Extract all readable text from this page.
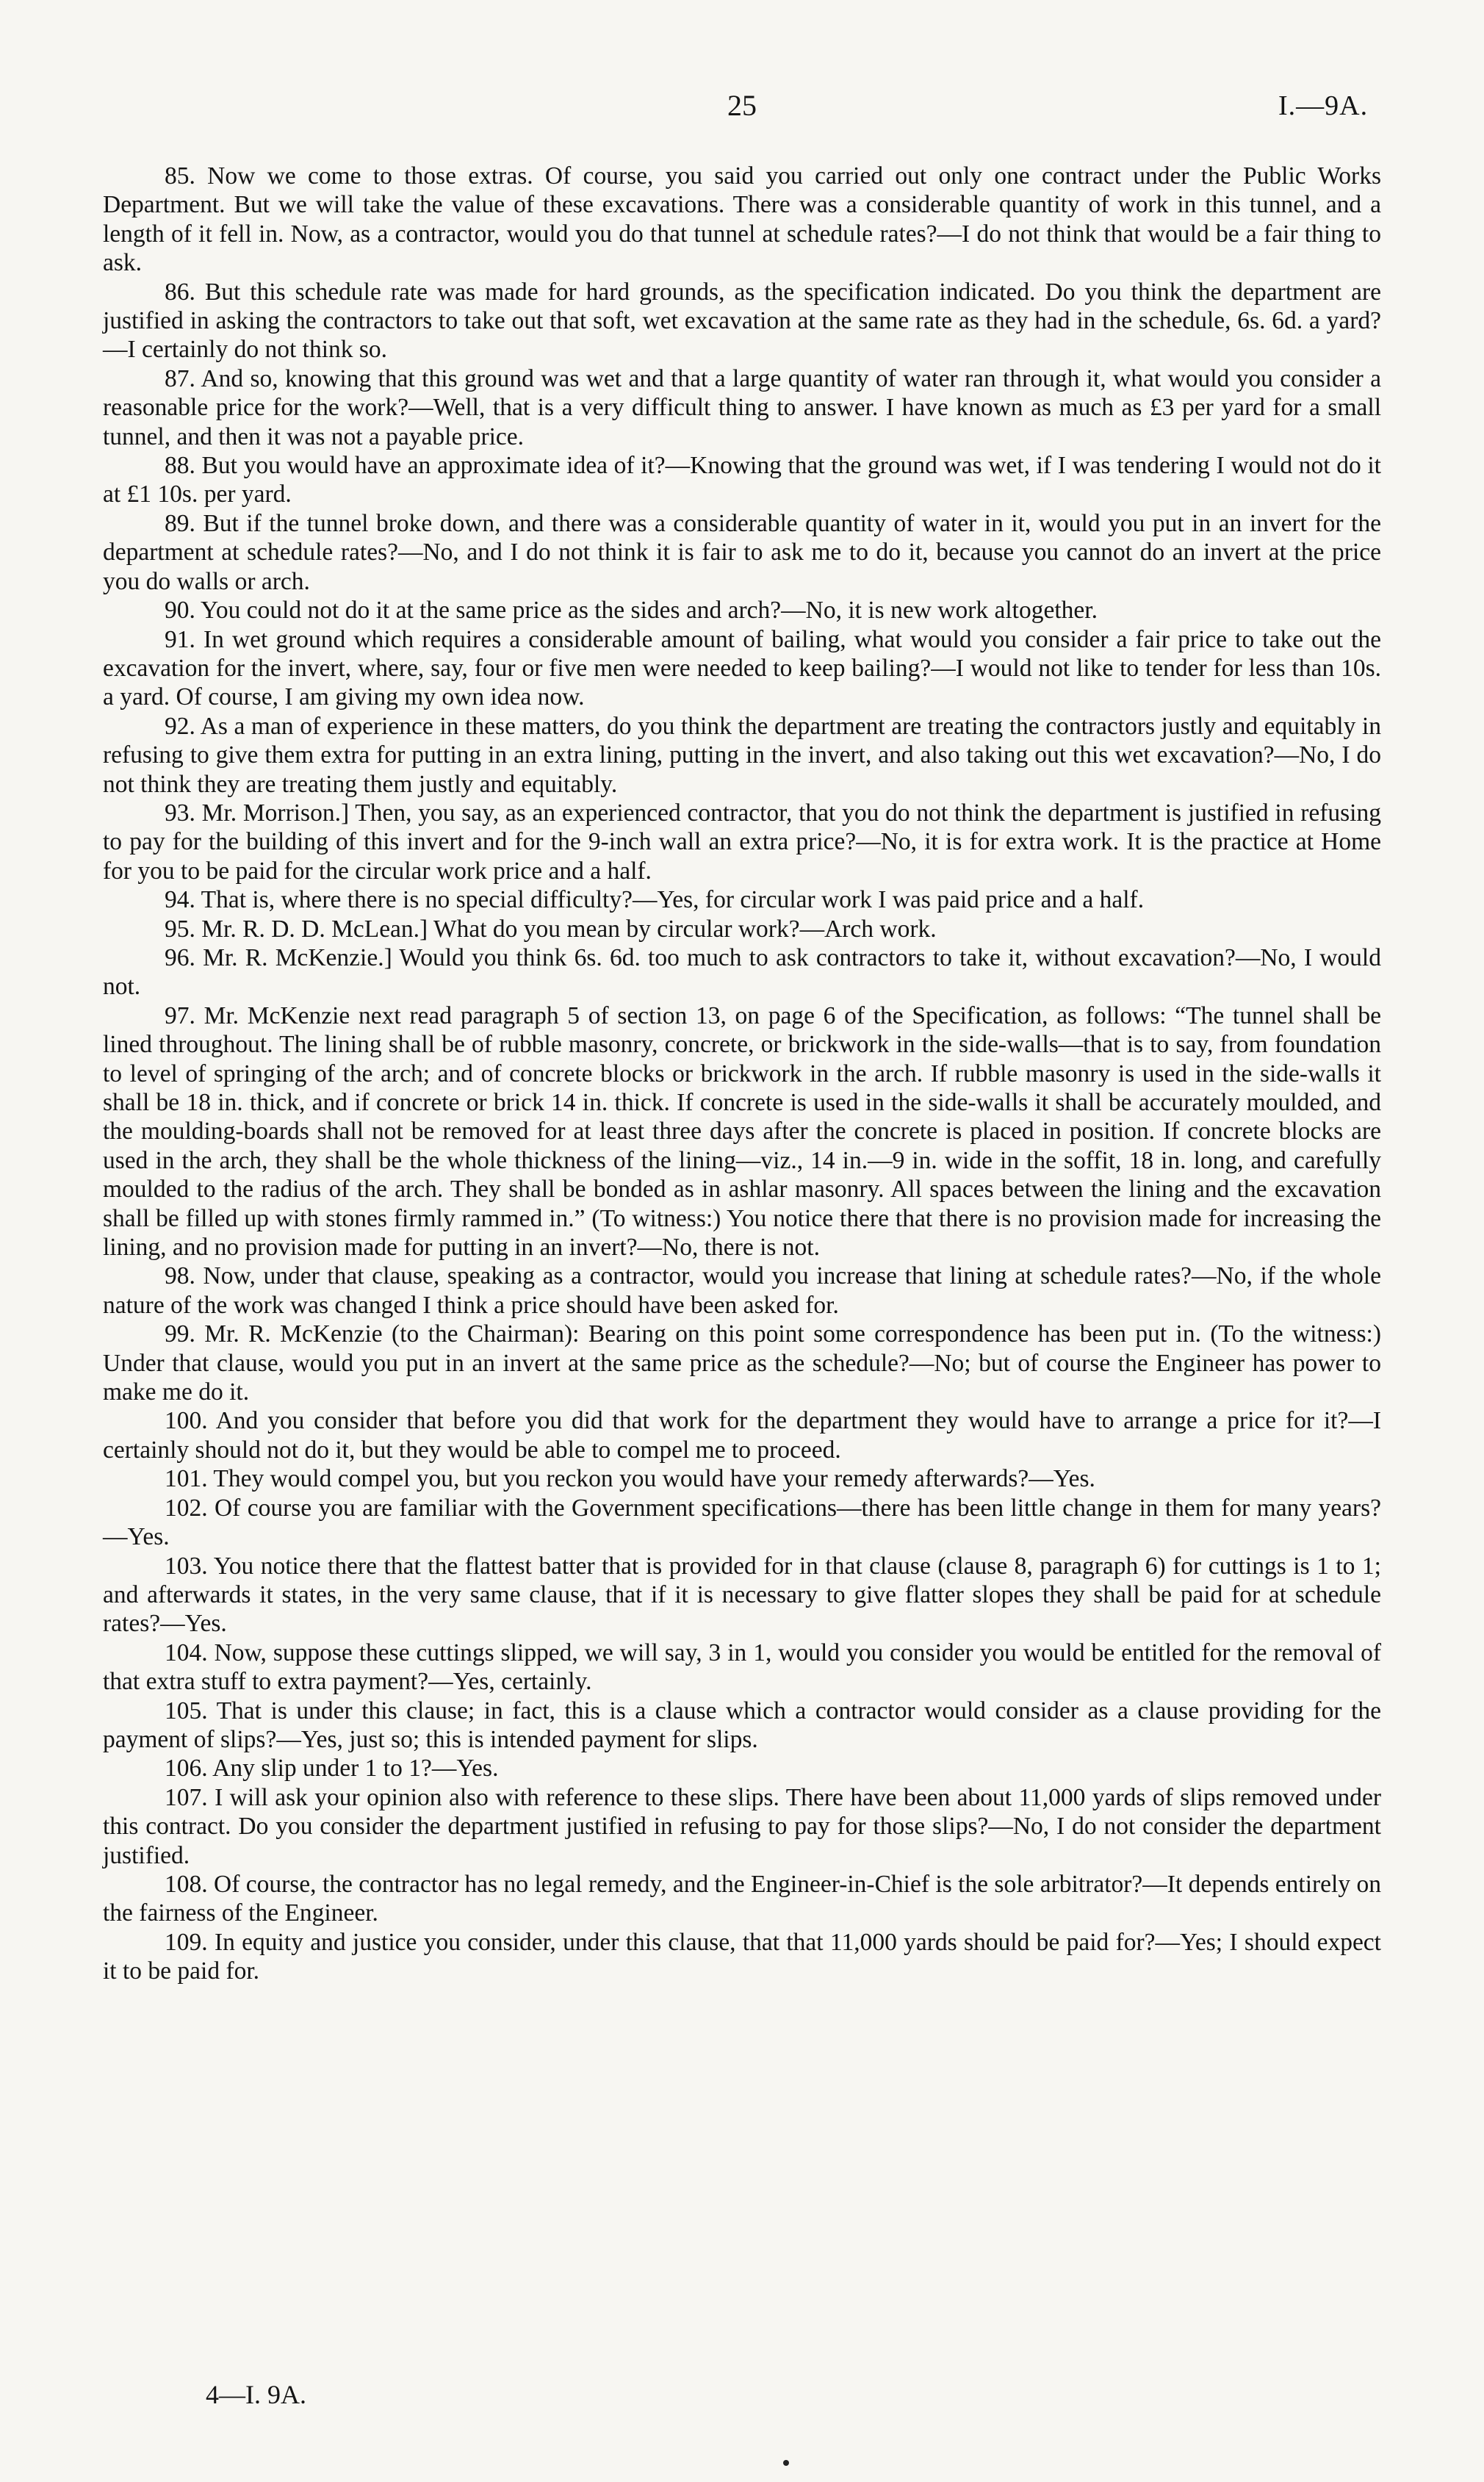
25	I.—9A.

85. Now we come to those extras. Of course, you said you carried out only one contract under the Public Works Department. But we will take the value of these excavations. There was a considerable quantity of work in this tunnel, and a length of it fell in. Now, as a contractor, would you do that tunnel at schedule rates?—I do not think that would be a fair thing to ask.

86. But this schedule rate was made for hard grounds, as the specification indicated. Do you think the department are justified in asking the contractors to take out that soft, wet excavation at the same rate as they had in the schedule, 6s. 6d. a yard?—I certainly do not think so.

87. And so, knowing that this ground was wet and that a large quantity of water ran through it, what would you consider a reasonable price for the work?—Well, that is a very difficult thing to answer. I have known as much as £3 per yard for a small tunnel, and then it was not a payable price.

88. But you would have an approximate idea of it?—Knowing that the ground was wet, if I was tendering I would not do it at £1 10s. per yard.

89. But if the tunnel broke down, and there was a considerable quantity of water in it, would you put in an invert for the department at schedule rates?—No, and I do not think it is fair to ask me to do it, because you cannot do an invert at the price you do walls or arch.

90. You could not do it at the same price as the sides and arch?—No, it is new work altogether.

91. In wet ground which requires a considerable amount of bailing, what would you consider a fair price to take out the excavation for the invert, where, say, four or five men were needed to keep bailing?—I would not like to tender for less than 10s. a yard. Of course, I am giving my own idea now.

92. As a man of experience in these matters, do you think the department are treating the contractors justly and equitably in refusing to give them extra for putting in an extra lining, putting in the invert, and also taking out this wet excavation?—No, I do not think they are treating them justly and equitably.

93. Mr. Morrison.] Then, you say, as an experienced contractor, that you do not think the department is justified in refusing to pay for the building of this invert and for the 9-inch wall an extra price?—No, it is for extra work. It is the practice at Home for you to be paid for the circular work price and a half.

94. That is, where there is no special difficulty?—Yes, for circular work I was paid price and a half.

95. Mr. R. D. D. McLean.] What do you mean by circular work?—Arch work.

96. Mr. R. McKenzie.] Would you think 6s. 6d. too much to ask contractors to take it, without excavation?—No, I would not.

97. Mr. McKenzie next read paragraph 5 of section 13, on page 6 of the Specification, as follows: “The tunnel shall be lined throughout. The lining shall be of rubble masonry, concrete, or brickwork in the side-walls—that is to say, from foundation to level of springing of the arch; and of concrete blocks or brickwork in the arch. If rubble masonry is used in the side-walls it shall be 18 in. thick, and if concrete or brick 14 in. thick. If concrete is used in the side-walls it shall be accurately moulded, and the moulding-boards shall not be removed for at least three days after the concrete is placed in position. If concrete blocks are used in the arch, they shall be the whole thickness of the lining—viz., 14 in.—9 in. wide in the soffit, 18 in. long, and carefully moulded to the radius of the arch. They shall be bonded as in ashlar masonry. All spaces between the lining and the excavation shall be filled up with stones firmly rammed in.” (To witness:) You notice there that there is no provision made for increasing the lining, and no provision made for putting in an invert?—No, there is not.

98. Now, under that clause, speaking as a contractor, would you increase that lining at schedule rates?—No, if the whole nature of the work was changed I think a price should have been asked for.

99. Mr. R. McKenzie (to the Chairman): Bearing on this point some correspondence has been put in. (To the witness:) Under that clause, would you put in an invert at the same price as the schedule?—No; but of course the Engineer has power to make me do it.

100. And you consider that before you did that work for the department they would have to arrange a price for it?—I certainly should not do it, but they would be able to compel me to proceed.

101. They would compel you, but you reckon you would have your remedy afterwards?—Yes.

102. Of course you are familiar with the Government specifications—there has been little change in them for many years?—Yes.

103. You notice there that the flattest batter that is provided for in that clause (clause 8, paragraph 6) for cuttings is 1 to 1; and afterwards it states, in the very same clause, that if it is necessary to give flatter slopes they shall be paid for at schedule rates?—Yes.

104. Now, suppose these cuttings slipped, we will say, 3 in 1, would you consider you would be entitled for the removal of that extra stuff to extra payment?—Yes, certainly.

105. That is under this clause; in fact, this is a clause which a contractor would consider as a clause providing for the payment of slips?—Yes, just so; this is intended payment for slips.

106. Any slip under 1 to 1?—Yes.

107. I will ask your opinion also with reference to these slips. There have been about 11,000 yards of slips removed under this contract. Do you consider the department justified in refusing to pay for those slips?—No, I do not consider the department justified.

108. Of course, the contractor has no legal remedy, and the Engineer-in-Chief is the sole arbitrator?—It depends entirely on the fairness of the Engineer.

109. In equity and justice you consider, under this clause, that that 11,000 yards should be paid for?—Yes; I should expect it to be paid for.

4—I. 9A.
